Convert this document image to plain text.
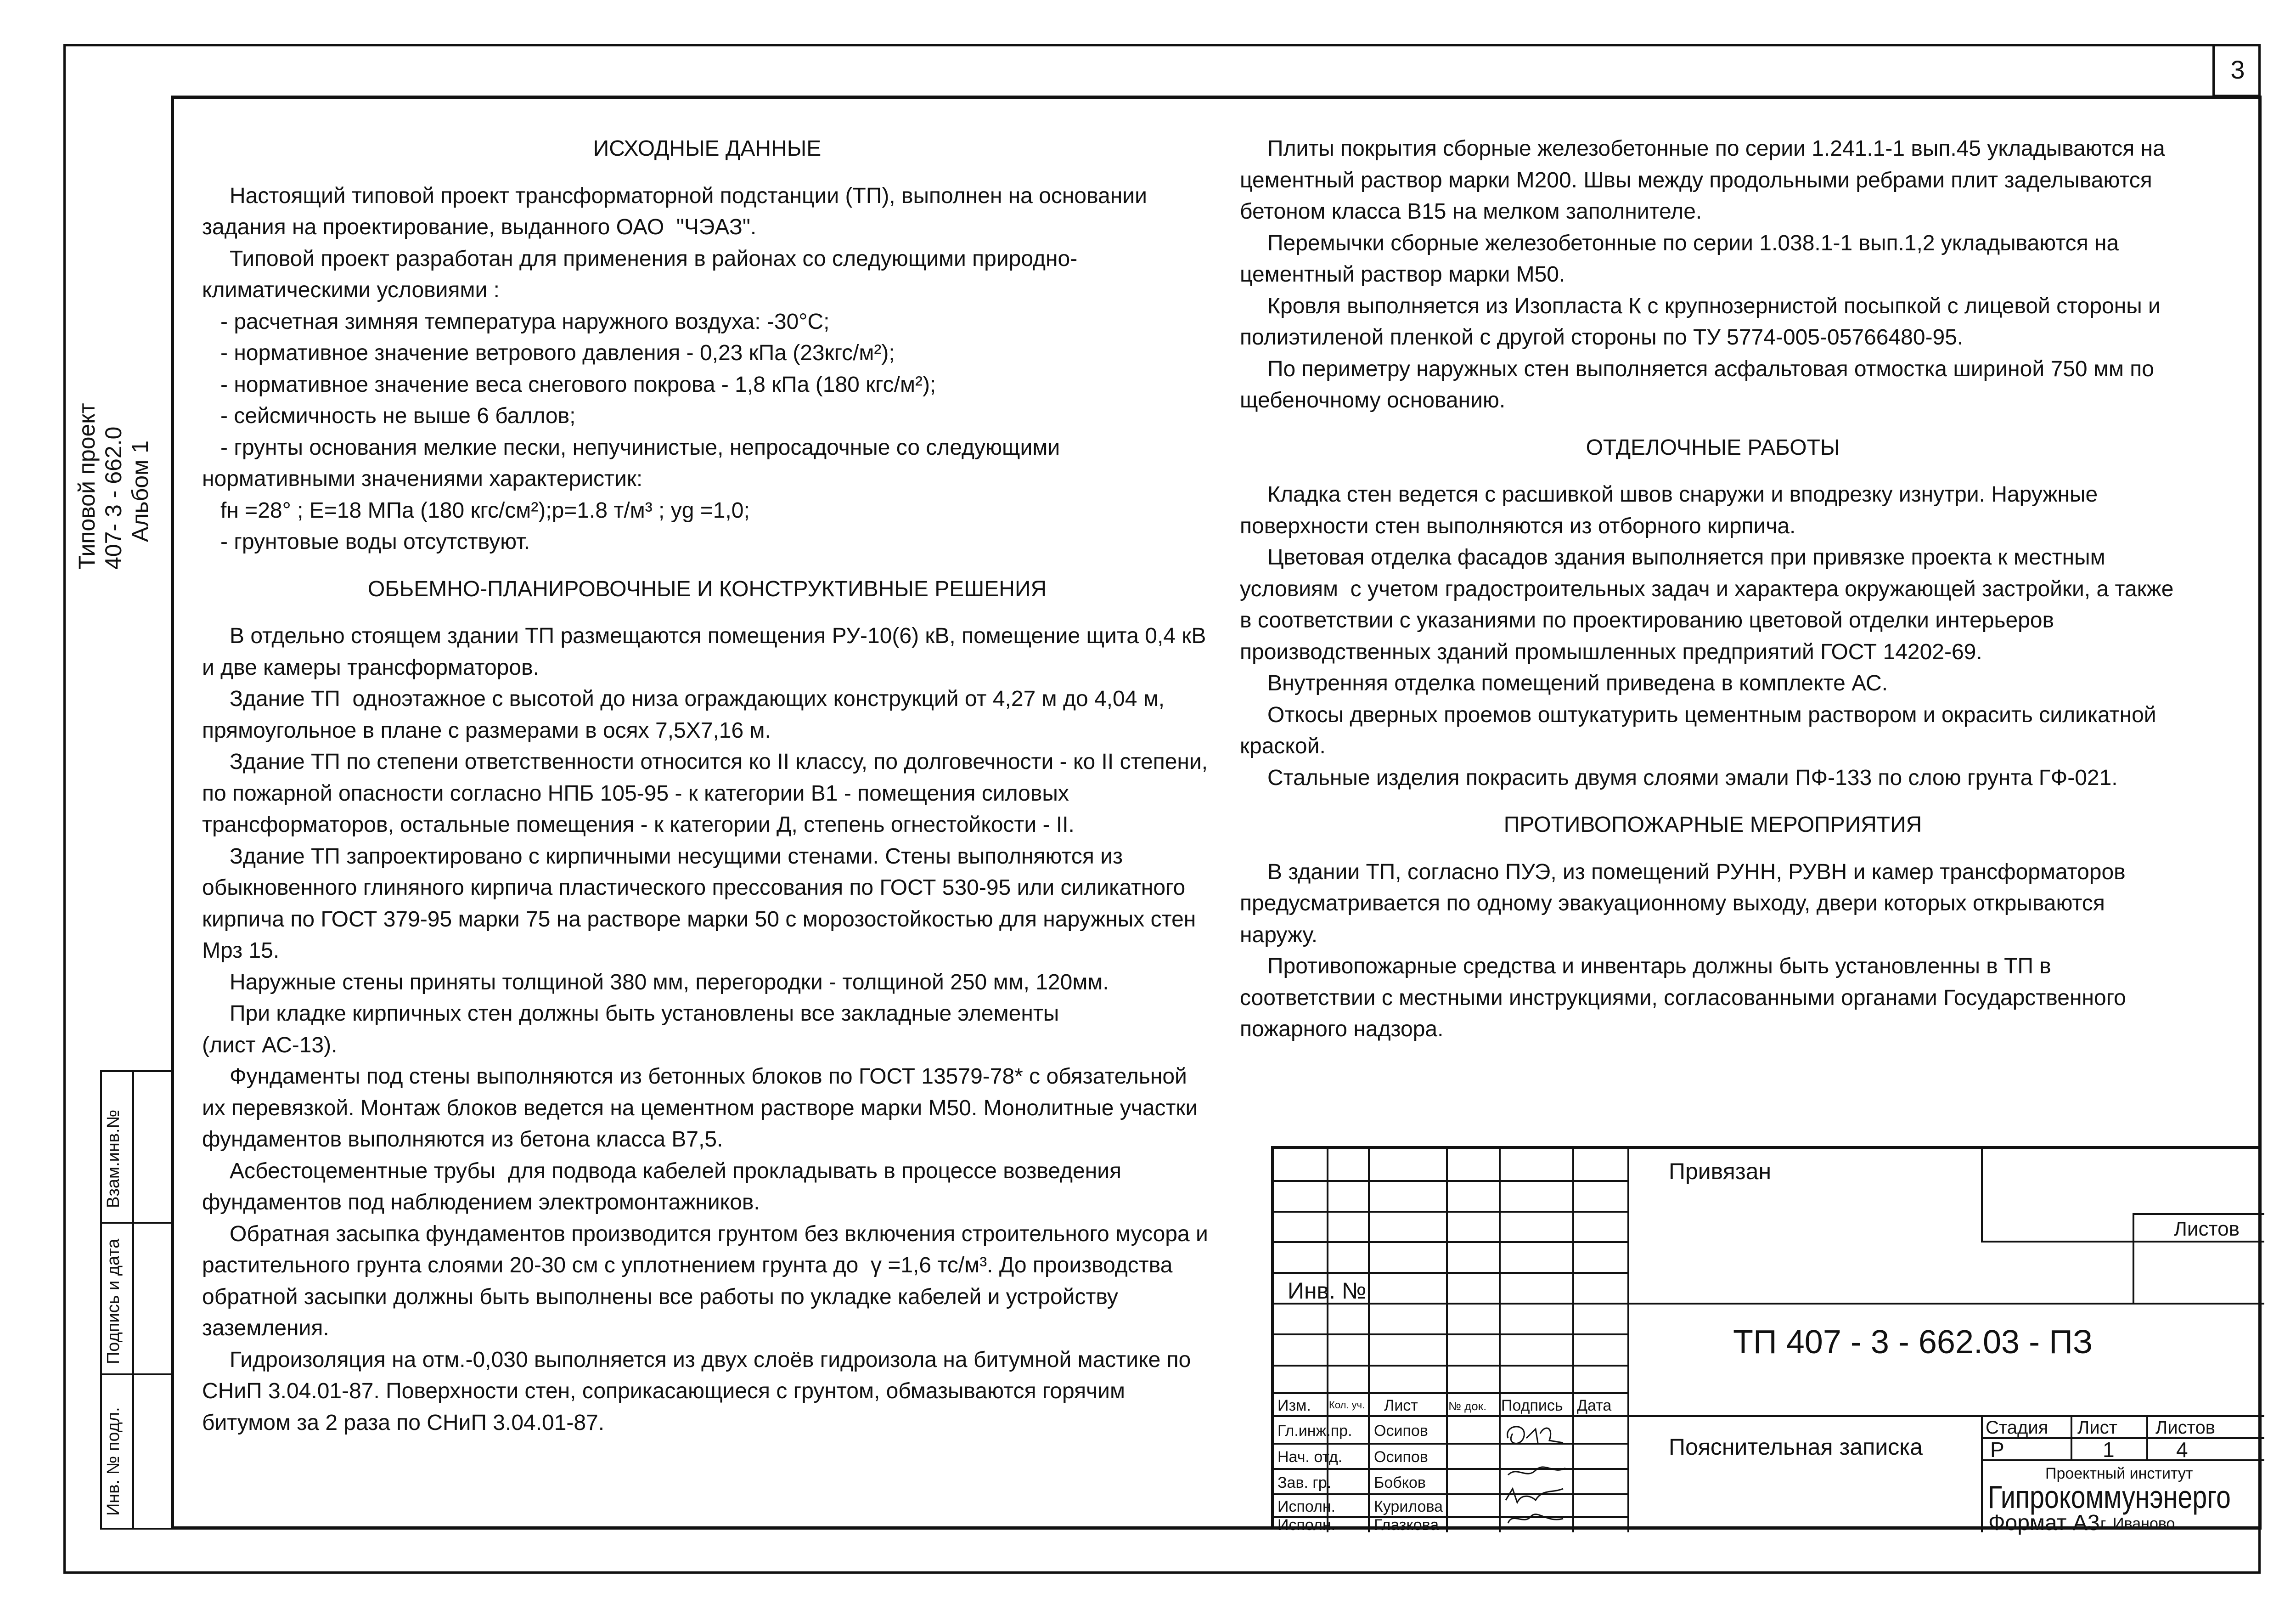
3
Типовой проект 407- 3 - 662.0 Альбом 1
Взам.инв.№
Подпись и дата
Инв. № подл.
ИСХОДНЫЕ ДАННЫЕ

Настоящий типовой проект трансформаторной подстанции (ТП), выполнен на основании задания на проектирование, выданного ОАО  "ЧЭАЗ".

Типовой проект разработан для применения в районах со следующими природно-климатическими условиями :

- расчетная зимняя температура наружного воздуха: -30°С;

- нормативное значение ветрового давления - 0,23 кПа (23кгс/м²);

- нормативное значение веса снегового покрова - 1,8 кПа (180 кгс/м²);

- сейсмичность не выше 6 баллов;

- грунты основания мелкие пески, непучинистые, непросадочные со следующими

нормативными значениями характеристик:

fн =28° ; Е=18 МПа (180 кгс/см²);р=1.8 т/м³ ; yg =1,0;

- грунтовые воды отсутствуют.

ОБЬЕМНО-ПЛАНИРОВОЧНЫЕ И КОНСТРУКТИВНЫЕ РЕШЕНИЯ

В отдельно стоящем здании ТП размещаются помещения РУ-10(6) кВ, помещение щита 0,4 кВ и две камеры трансформаторов.

Здание ТП  одноэтажное с высотой до низа ограждающих конструкций от 4,27 м до 4,04 м, прямоугольное в плане с размерами в осях 7,5Х7,16 м.

Здание ТП по степени ответственности относится ко II классу, по долговечности - ко II степени, по пожарной опасности согласно НПБ 105-95 - к категории В1 - помещения силовых трансформаторов, остальные помещения - к категории Д, степень огнестойкости - II.

Здание ТП запроектировано с кирпичными несущими стенами. Стены выполняются из обыкновенного глиняного кирпича пластического прессования по ГОСТ 530-95 или силикатного кирпича по ГОСТ 379-95 марки 75 на растворе марки 50 с морозостойкостью для наружных стен Мрз 15.

Наружные стены приняты толщиной 380 мм, перегородки - толщиной 250 мм, 120мм.

При кладке кирпичных стен должны быть установлены все закладные элементы

(лист АС-13).

Фундаменты под стены выполняются из бетонных блоков по ГОСТ 13579-78* с обязательной их перевязкой. Монтаж блоков ведется на цементном растворе марки М50. Монолитные участки фундаментов выполняются из бетона класса В7,5.

Асбестоцементные трубы  для подвода кабелей прокладывать в процессе возведения фундаментов под наблюдением электромонтажников.

Обратная засыпка фундаментов производится грунтом без включения строительного мусора и растительного грунта слоями 20-30 см с уплотнением грунта до  γ =1,6 тс/м³. До производства обратной засыпки должны быть выполнены все работы по укладке кабелей и устройству заземления.

Гидроизоляция на отм.-0,030 выполняется из двух слоёв гидроизола на битумной мастике по СНиП 3.04.01-87. Поверхности стен, соприкасающиеся с грунтом, обмазываются горячим битумом за 2 раза по СНиП 3.04.01-87.

Плиты покрытия сборные железобетонные по серии 1.241.1-1 вып.45 укладываются на цементный раствор марки М200. Швы между продольными ребрами плит заделываются бетоном класса В15 на мелком заполнителе.

Перемычки сборные железобетонные по серии 1.038.1-1 вып.1,2 укладываются на цементный раствор марки М50.

Кровля выполняется из Изопласта К с крупнозернистой посыпкой с лицевой стороны и полиэтиленой пленкой с другой стороны по ТУ 5774-005-05766480-95.

По периметру наружных стен выполняется асфальтовая отмостка шириной 750 мм по щебеночному основанию.

ОТДЕЛОЧНЫЕ РАБОТЫ

Кладка стен ведется с расшивкой швов снаружи и вподрезку изнутри. Наружные поверхности стен выполняются из отборного кирпича.

Цветовая отделка фасадов здания выполняется при привязке проекта к местным условиям  с учетом градостроительных задач и характера окружающей застройки, а также в соответствии с указаниями по проектированию цветовой отделки интерьеров производственных зданий промышленных предприятий ГОСТ 14202-69.

Внутренняя отделка помещений приведена в комплекте АС.

Откосы дверных проемов оштукатурить цементным раствором и окрасить силикатной краской.

Стальные изделия покрасить двумя слоями эмали ПФ-133 по слою грунта ГФ-021.

ПРОТИВОПОЖАРНЫЕ МЕРОПРИЯТИЯ

В здании ТП, согласно ПУЭ, из помещений РУНН, РУВН и камер трансформаторов предусматривается по одному эвакуационному выходу, двери которых открываются наружу.

Противопожарные средства и инвентарь должны быть установленны в ТП в соответствии с местными инструкциями, согласованными органами Государственного пожарного надзора.

Привязан
Листов
Инв. №
ТП 407 - 3 - 662.03 - ПЗ
Изм. Кол. уч. Лист	№ док. Подпись Дата
Гл.инж.пр. Осипов
Нач. отд. Осипов
Зав. гр.	Бобков
Исполн. Курилова
Исполн. Глазкова
Пояснительная записка
Стадия Лист Листов
Р	1	4
Проектный институт
Гипрокоммунэнерго
г. Иваново
Формат А3
